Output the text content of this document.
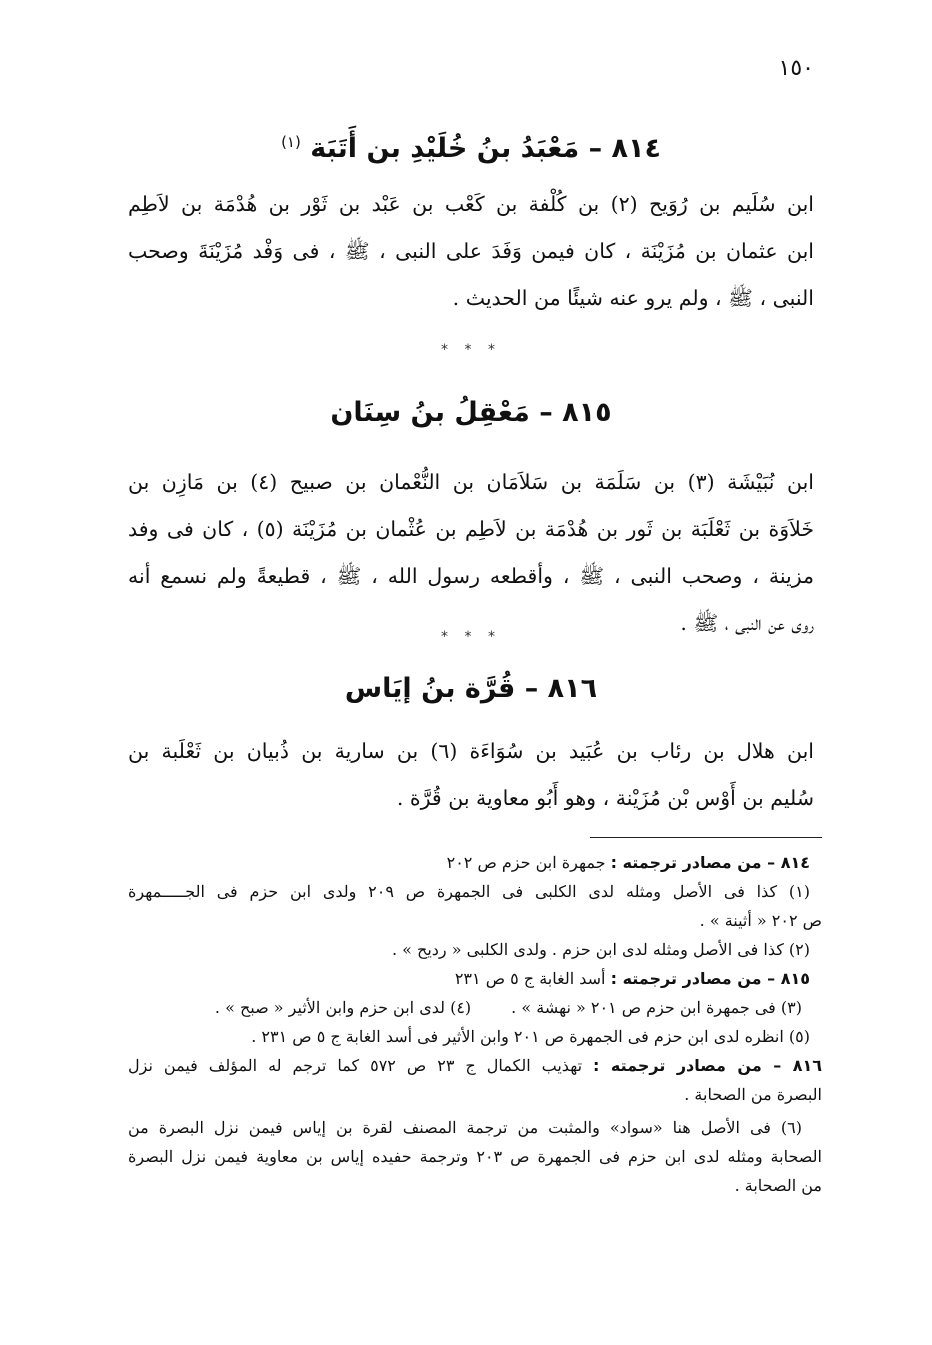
١٥٠
٨١٤ – مَعْبَدُ بنُ خُلَيْدِ بن أَتَبَة $^{(١)}$

ابن سُلَيم بن رُوَيح (٢) بن كُلْفة بن كَعْب بن عَبْد بن ثَوْر بن هُدْمَة بن لاَطِم
ابن عثمان بن مُزَيْنَة ، كان فيمن وَفَدَ على النبى ، ﷺ ، فى وَفْد مُزَيْنَةَ وصحب
النبى ، ﷺ ، ولم يرو عنه شيئًا من الحديث .

* * *
٨١٥ – مَعْقِلُ بنُ سِنَان

ابن نُبَيْشَة (٣) بن سَلَمَة بن سَلاَمَان بن النُّعْمان بن صبيح (٤) بن مَازِن بن
خَلاَوَة بن ثَعْلَبَة بن ثَور بن هُدْمَة بن لاَطِم بن عُثْمان بن مُزَيْنَة (٥) ، كان فى وفد
مزينة ، وصحب النبى ، ﷺ ، وأقطعه رسول الله ، ﷺ ، قطيعةً ولم نسمع أنه
روى عن النبى ، ﷺ .

* * *
٨١٦ – قُرَّة بنُ إيَاس

ابن هلال بن رئاب بن عُبَيد بن سُوَاءَة (٦) بن سارية بن ذُبيان بن ثَعْلَبة بن
سُليم بن أَوْس بْن مُزَيْنة ، وهو أَبُو معاوية بن قُرَّة .

٨١٤ – من مصادر ترجمته : جمهرة ابن حزم ص ٢٠٢

(١) كذا فى الأصل ومثله لدى الكلبى فى الجمهرة ص ٢٠٩ ولدى ابن حزم فى الجـــــمهرة
ص ٢٠٢ « أثينة » .

(٢) كذا فى الأصل ومثله لدى ابن حزم . ولدى الكلبى « رديح » .

٨١٥ – من مصادر ترجمته : أسد الغابة ج ٥ ص ٢٣١

(٣) فى جمهرة ابن حزم ص ٢٠١ « نهشة » .
(٤) لدى ابن حزم وابن الأثير « صبح » .

(٥) انظره لدى ابن حزم فى الجمهرة ص ٢٠١ وابن الأثير فى أسد الغابة ج ٥ ص ٢٣١ .

٨١٦ – من مصادر ترجمته : تهذيب الكمال ج ٢٣ ص ٥٧٢ كما ترجم له المؤلف فيمن نزل
البصرة من الصحابة .

(٦) فى الأصل هنا «سواد» والمثبت من ترجمة المصنف لقرة بن إياس فيمن نزل البصرة من
الصحابة ومثله لدى ابن حزم فى الجمهرة ص ٢٠٣ وترجمة حفيده إياس بن معاوية فيمن نزل البصرة
من الصحابة .
